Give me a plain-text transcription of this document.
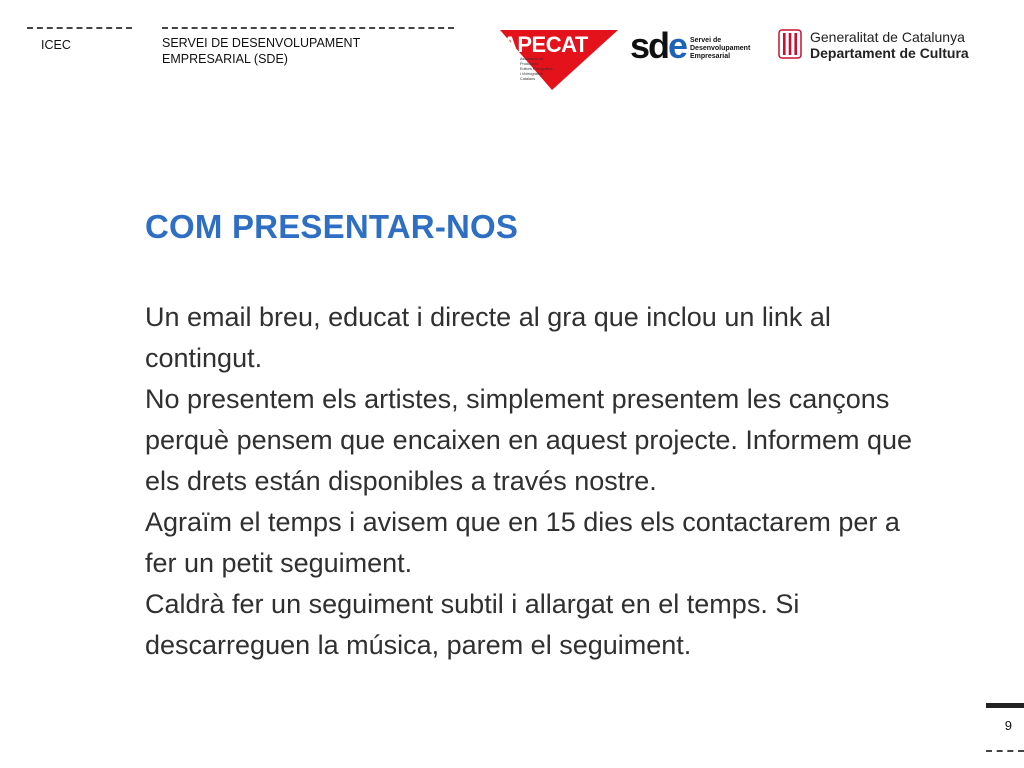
ICEC	SERVEI DE DESENVOLUPAMENT EMPRESARIAL (SDE)
APECAT
Associació de
Productors
Editors Fonogràfics
i Videogràfics
Catalans
sd e Servei de
Desenvolupament
Empresarial
Generalitat de Catalunya
Departament de Cultura
COM PRESENTAR-NOS

Un email breu, educat i directe al gra que inclou un link al contingut.

No presentem els artistes, simplement presentem les cançons perquè pensem que encaixen en aquest projecte. Informem que els drets están disponibles a través nostre.

Agraïm el temps i avisem que en 15 dies els contactarem per a fer un petit seguiment.

Caldrà fer un seguiment subtil i allargat en el temps. Si descarreguen la música, parem el seguiment.

9
